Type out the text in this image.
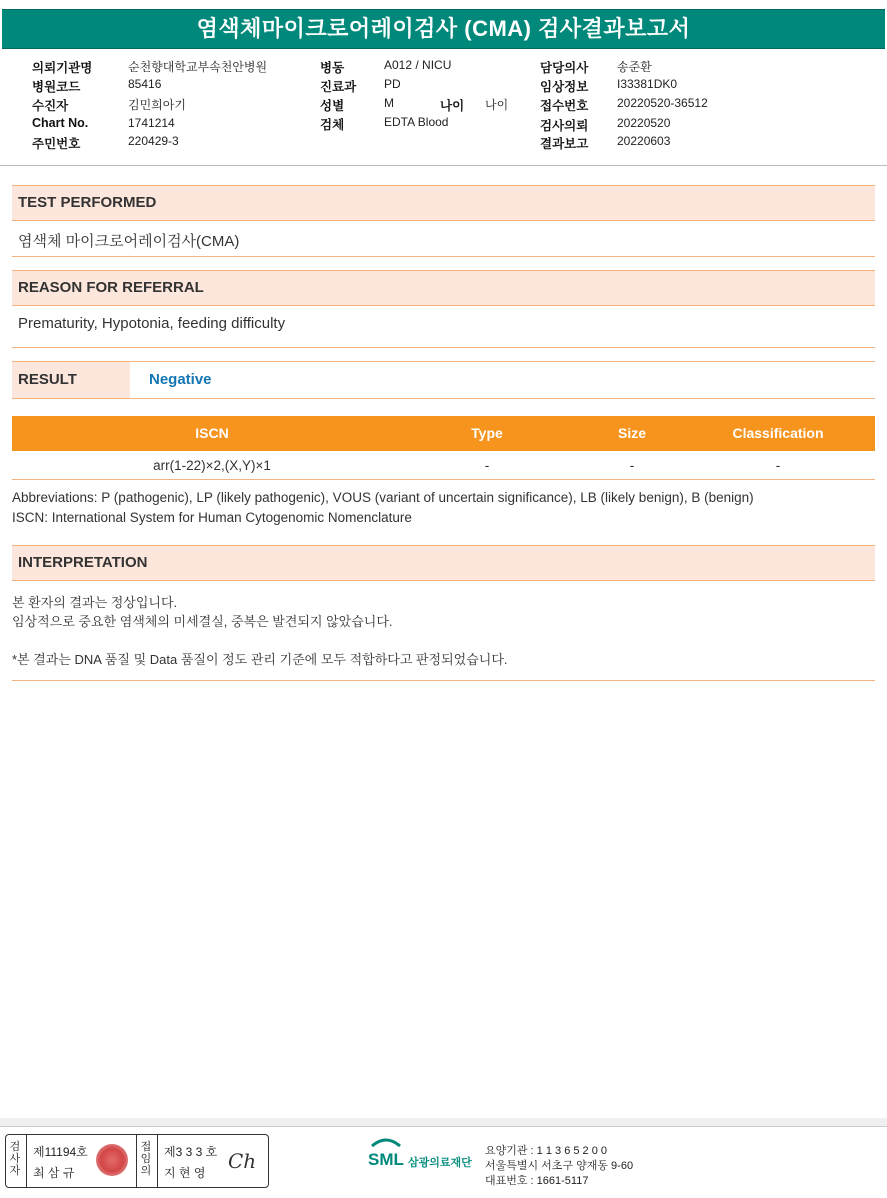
염색체마이크로어레이검사 (CMA) 검사결과보고서
의뢰기관명	순천향대학교부속천안병원
병원코드	85416
수진자	김민희아기
Chart No.	1741214
주민번호	220429-3
병동	A012 / NICU
진료과 PD
성별	M	나이 나이
검체	EDTA Blood
담당의사 송준환
임상정보 I33381DK0
접수번호 20220520-36512
검사의뢰 20220520
결과보고 20220603
TEST PERFORMED
염색체 마이크로어레이검사(CMA)
REASON FOR REFERRAL
Prematurity, Hypotonia, feeding difficulty
RESULT	Negative
ISCN	Type	Size	Classification
arr(1-22)×2,(X,Y)×1	-	-	-
Abbreviations: P (pathogenic), LP (likely pathogenic), VOUS (variant of uncertain significance), LB (likely benign), B (benign)
ISCN: International System for Human Cytogenomic Nomenclature
INTERPRETATION
본 환자의 결과는 정상입니다.
임상적으로 중요한 염색체의 미세결실, 중복은 발견되지 않았습니다.
*본 결과는 DNA 품질 및 Data 품질이 정도 관리 기준에 모두 적합하다고 판정되었습니다.
검
사
자
제11194호
최 삼 규
접
임
의
제3 3 3 호
지 현 영 Ch	SML 삼광의료재단
요양기관 : 1 1 3 6 5 2 0 0
서울특별시 서초구 양재동 9-60
대표번호 : 1661-5117
